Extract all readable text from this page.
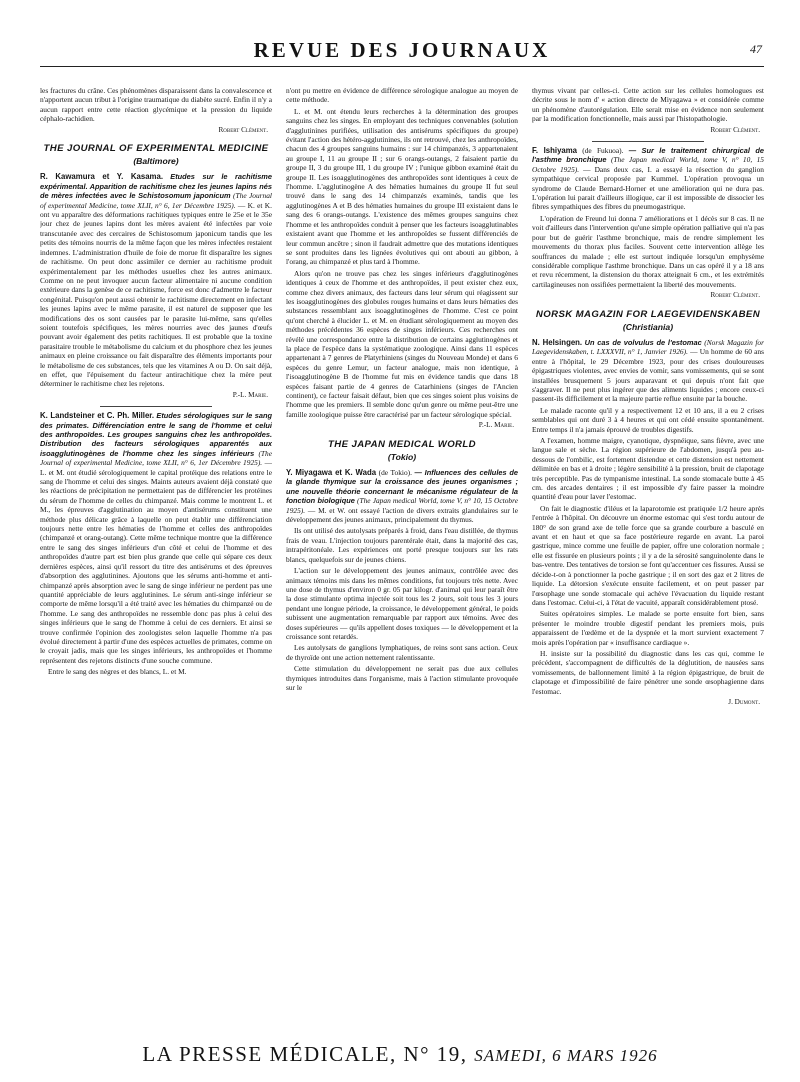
REVUE DES JOURNAUX	47

les fractures du crâne. Ces phénomènes disparaissent dans la convalescence et n'apportent aucun tribut à l'origine traumatique du diabète sucré. Enfin il n'y a aucun rapport entre cette réaction glycémique et la pression du liquide céphalo-rachidien.

Robert Clément.
THE JOURNAL OF EXPERIMENTAL MEDICINE
(Baltimore)

R. Kawamura et Y. Kasama. Etudes sur le rachitisme expérimental. Apparition de rachitisme chez les jeunes lapins nés de mères infectées avec le Schistosomum japonicum (The Journal of experimental Medicine, tome XLII, n° 6, 1er Décembre 1925). — K. et K. ont vu apparaître des déformations rachitiques typiques entre le 25e et le 35e jour chez de jeunes lapins dont les mères avaient été infectées par voie transcutanée avec des cercaires de Schistosomum japonicum tandis que les petits des témoins nourris de la même façon que les mères infectées restaient indemnes. L'administration d'huile de foie de morue fit disparaître les signes de rachitisme. On peut donc assimiler ce dernier au rachitisme produit expérimentalement par les méthodes usuelles chez les autres animaux. Comme on ne peut invoquer aucun facteur alimentaire ni aucune condition extérieure dans la genèse de ce rachitisme, force est donc d'admettre le facteur congénital. Puisqu'on peut aussi obtenir le rachitisme directement en infectant les jeunes lapins avec le même parasite, il est naturel de supposer que les modifications des os sont causées par le parasite lui-même, sans qu'elles soient toutefois spécifiques, les mères nourries avec des jaunes d'œufs pouvant avoir également des petits rachitiques. Il est probable que la toxine parasitaire trouble le métabolisme du calcium et du phosphore chez les jeunes animaux en pleine croissance ou fait disparaître des éléments importants pour le métabolisme de ces substances, tels que les vitamines A ou D. On sait déjà, en effet, que l'épuisement du facteur antirachitique chez la mère peut déterminer le rachitisme chez les rejetons.

P.-L. Marie.

K. Landsteiner et C. Ph. Miller. Etudes sérologiques sur le sang des primates. Différenciation entre le sang de l'homme et celui des anthropoïdes. Les groupes sanguins chez les anthropoïdes. Distribution des facteurs sérologiques apparentés aux isoagglutinogènes de l'homme chez les singes inférieurs (The Journal of experimental Medicine, tome XLII, n° 6, 1er Décembre 1925). — L. et M. ont étudié sérologiquement le capital protéique des relations entre le sang de l'homme et celui des singes. Maints auteurs avaient déjà constaté que les réactions de précipitation ne permettaient pas de différencier les protéines du sérum de l'homme de celles du chimpanzé. Mais comme le montrent L. et M., les épreuves d'agglutination au moyen d'antisérums constituent une méthode plus délicate grâce à laquelle on peut établir une différenciation toujours nette entre les hématies de l'homme et celles des anthropoïdes (chimpanzé et orang-outang). Cette même technique montre que la différence entre le sang des singes inférieurs d'un côté et celui de l'homme et des anthropoïdes d'autre part est bien plus grande que celle qui sépare ces deux dernières espèces, ainsi qu'il ressort du titre des antisérums et des épreuves d'absorption des agglutinines. Ajoutons que les sérums anti-homme et anti-chimpanzé après absorption avec le sang de singe inférieur ne perdent pas une quantité appréciable de leurs agglutinines. Le sérum anti-singe inférieur se comporte de même lorsqu'il a été traité avec les hématies du chimpanzé ou de l'homme. Le sang des anthropoïdes ne ressemble donc pas plus à celui des singes inférieurs que le sang de l'homme à celui de ces derniers. Et ainsi se trouve confirmée l'opinion des zoologistes selon laquelle l'homme n'a pas évolué directement à partir d'une des espèces actuelles de primates, comme on le croyait jadis, mais que les singes inférieurs, les anthropoïdes et l'homme représentent des rejetons distincts d'une souche commune.

Entre le sang des nègres et des blancs, L. et M.

n'ont pu mettre en évidence de différence sérologique analogue au moyen de cette méthode.

L. et M. ont étendu leurs recherches à la détermination des groupes sanguins chez les singes. En employant des techniques convenables (solution d'agglutinines purifiées, utilisation des antisérums spécifiques du groupe) évitant l'action des hétéro-agglutinines, ils ont retrouvé, chez les anthropoïdes, chacun des 4 groupes sanguins humains : sur 14 chimpanzés, 3 appartenaient au groupe I, 11 au groupe II ; sur 6 orangs-outangs, 2 faisaient partie du groupe II, 3 du groupe III, 1 du groupe IV ; l'unique gibbon examiné était du groupe II. Les isoagglutinogènes des anthropoïdes sont identiques à ceux de l'homme. L'agglutinogène A des hématies humaines du groupe II fut seul trouvé dans le sang des 14 chimpanzés examinés, tandis que les agglutinogènes A et B des hématies humaines du groupe III existaient dans le sang des 6 orangs-outangs. L'existence des mêmes groupes sanguins chez l'homme et les anthropoïdes conduit à penser que les facteurs isoagglutinables existaient avant que l'homme et les anthropoïdes se fussent différenciés de leur commun ancêtre ; sinon il faudrait admettre que des mutations identiques se sont produites dans les lignées évolutives qui ont abouti au gibbon, à l'orang, au chimpanzé et plus tard à l'homme.

Alors qu'on ne trouve pas chez les singes inférieurs d'agglutinogènes identiques à ceux de l'homme et des anthropoïdes, il peut exister chez eux, comme chez divers animaux, des facteurs dans leur sérum qui réagissent sur les isoagglutinogènes des globules rouges humains et dans leurs hématies des substances ressemblant aux isoagglutinogènes de l'homme. C'est ce point qu'ont cherché à élucider L. et M. en étudiant sérologiquement au moyen des méthodes précédentes 36 espèces de singes inférieurs. Ces recherches ont révélé une correspondance entre la distribution de certains agglutinogènes et la place de l'espèce dans la systématique zoologique. Ainsi dans 11 espèces appartenant à 7 genres de Platyrhiniens (singes du Nouveau Monde) et dans 6 espèces du genre Lemur, un facteur analogue, mais non identique, à l'isoagglutinogène B de l'homme fut mis en évidence tandis que dans 18 espèces faisant partie de 4 genres de Catarhiniens (singes de l'Ancien continent), ce facteur faisait défaut, bien que ces singes soient plus voisins de l'homme que les premiers. Il semble donc qu'un genre ou même peut-être une famille zoologique puisse être caractérisé par un facteur sérologique spécial.

P.-L. Marie.
THE JAPAN MEDICAL WORLD
(Tokio)

Y. Miyagawa et K. Wada (de Tokio). — Influences des cellules de la glande thymique sur la croissance des jeunes organismes ; une nouvelle théorie concernant le mécanisme régulateur de la fonction biologique (The Japan medical World, tome V, n° 10, 15 Octobre 1925). — M. et W. ont essayé l'action de divers extraits glandulaires sur le développement des jeunes animaux, principalement du thymus.

Ils ont utilisé des autolysats préparés à froid, dans l'eau distillée, de thymus frais de veau. L'injection toujours parentérale était, dans la majorité des cas, intrapéritonéale. Les expériences ont porté presque toujours sur les rats blancs, quelquefois sur de jeunes chiens.

L'action sur le développement des jeunes animaux, contrôlée avec des animaux témoins mis dans les mêmes conditions, fut toujours très nette. Avec une dose de thymus d'environ 0 gr. 05 par kilogr. d'animal qui leur paraît être la dose stimulante optima injectée soit tous les 2 jours, soit tous les 3 jours pendant une longue période, la croissance, le développement général, le poids subissent une augmentation remarquable par rapport aux témoins. Avec des doses supérieures — qu'ils appellent doses toxiques — le développement et la croissance sont retardés.

Les autolysats de ganglions lymphatiques, de reins sont sans action. Ceux de thyroïde ont une action nettement ralentissante.

Cette stimulation du développement ne serait pas due aux cellules thymiques introduites dans l'organisme, mais à l'action stimulante provoquée sur le

thymus vivant par celles-ci. Cette action sur les cellules homologues est décrite sous le nom d' « action directe de Miyagawa » et considérée comme un phénomène d'autorégulation. Elle serait mise en évidence non seulement par la modification fonctionnelle, mais aussi par l'histopathologie.

Robert Clément.

F. Ishiyama (de Fukuoa). — Sur le traitement chirurgical de l'asthme bronchique (The Japan medical World, tome V, n° 10, 15 Octobre 1925). — Dans deux cas, I. a essayé la résection du ganglion sympathique cervical proposée par Kummel. L'opération provoqua un syndrome de Claude Bernard-Horner et une amélioration qui ne dura pas. L'opération lui parait d'ailleurs illogique, car il est impossible de dissocier les fibres sympathiques des fibres du pneumogastrique.

L'opération de Freund lui donna 7 améliorations et 1 décès sur 8 cas. Il ne voit d'ailleurs dans l'intervention qu'une simple opération palliative qui n'a pas pour but de guérir l'asthme bronchique, mais de rendre simplement les mouvements du thorax plus faciles. Souvent cette intervention allège les souffrances du malade ; elle est surtout indiquée lorsqu'un emphysème considérable complique l'asthme bronchique. Dans un cas opéré il y a 18 ans et revu récemment, la distension du thorax atteignait 6 cm., et les extrémités cartilagineuses non ossifiées permettaient la liberté des mouvements.

Robert Clément.
NORSK MAGAZIN FOR LAEGEVIDENSKABEN
(Christiania)

N. Helsingen. Un cas de volvulus de l'estomac (Norsk Magazin for Laegevidenskaben, t. LXXXVII, n° 1, Janvier 1926). — Un homme de 60 ans entre à l'hôpital, le 29 Décembre 1923, pour des crises douloureuses épigastriques violentes, avec envies de vomir, sans vomissements, qui se sont installées brusquement 5 jours auparavant et qui depuis n'ont fait que s'aggraver. Il ne peut plus ingérer que des aliments liquides ; encore ceux-ci passent-ils difficilement et la majeure partie reflue ensuite par la bouche.

Le malade raconte qu'il y a respectivement 12 et 10 ans, il a eu 2 crises semblables qui ont duré 3 à 4 heures et qui ont cédé ensuite spontanément. Entre temps il n'a jamais éprouvé de troubles digestifs.

A l'examen, homme maigre, cyanotique, dyspnéique, sans fièvre, avec une langue sale et sèche. La région supérieure de l'abdomen, jusqu'à peu au-dessous de l'ombilic, est fortement distendue et cette distension est nettement délimitée en bas et à droite ; légère sensibilité à la pression, bruit de clapotage très perceptible. Pas de tympanisme intestinal. La sonde stomacale butte à 45 cm. des arcades dentaires ; il est impossible d'y faire passer la moindre quantité d'eau pour laver l'estomac.

On fait le diagnostic d'iléus et la laparotomie est pratiquée 1/2 heure après l'entrée à l'hôpital. On découvre un énorme estomac qui s'est tordu autour de 180° de son grand axe de telle force que sa grande courbure a basculé en avant et en haut et que sa face postérieure regarde en avant. La paroi gastrique, mince comme une feuille de papier, offre une coloration normale ; elle est fissurée en plusieurs points ; il y a de la sérosité sanguinolente dans le bas-ventre. Des tentatives de torsion se font qu'accentuer ces fissures. Aussi se décide-t-on à ponctionner la poche gastrique ; il en sort des gaz et 2 litres de liquide. La détorsion s'exécute ensuite facilement, et on peut passer par l'œsophage une sonde stomacale qui achève l'évacuation du liquide restant dans l'estomac. Celui-ci, à l'état de vacuité, apparaît considérablement ptosé.

Suites opératoires simples. Le malade se porte ensuite fort bien, sans présenter le moindre trouble digestif pendant les premiers mois, puis apparaissent de l'œdème et de la dyspnée et la mort survient exactement 7 mois après l'opération par « insuffisance cardiaque ».

H. insiste sur la possibilité du diagnostic dans les cas qui, comme le précédent, s'accompagnent de difficultés de la déglutition, de nausées sans vomissements, de ballonnement limité à la région épigastrique, de bruit de clapotage et d'impossibilité de faire pénétrer une sonde œsophagienne dans l'estomac.

J. Dumont.
LA PRESSE MÉDICALE, N° 19, SAMEDI, 6 MARS 1926
